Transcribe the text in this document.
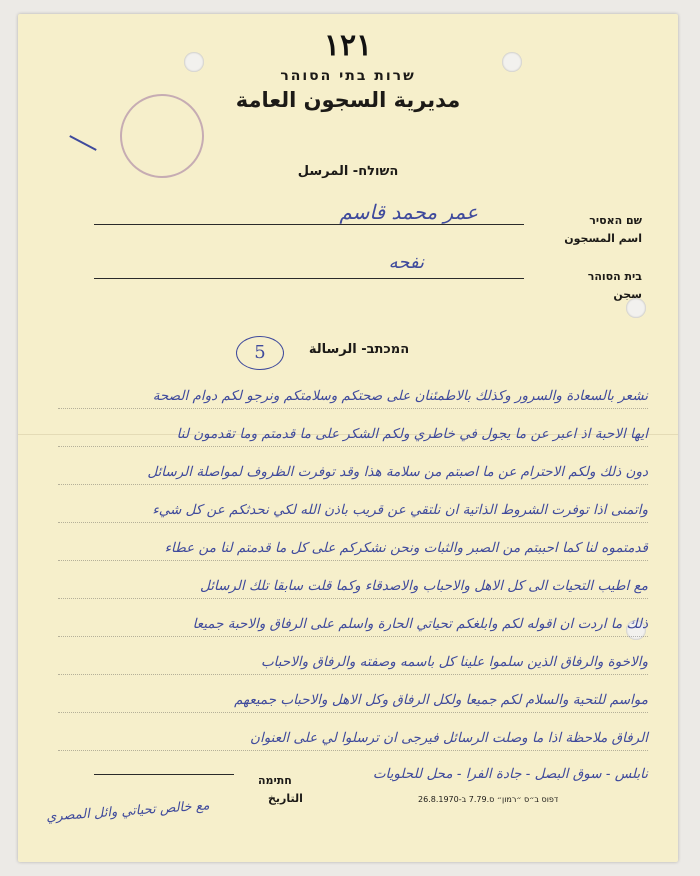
١٢١
שרות בתי הסוהר
مديرية السجون العامة
השולח- المرسل
שם האסיר
اسم المسجون
عمر محمد قاسم
בית הסוהר
سجن
نفحه
5	המכתב- الرسالة
نشعر بالسعادة والسرور وكذلك بالاطمئنان على صحتكم وسلامتكم ونرجو لكم دوام الصحة
ايها الاحبة اذ اعبر عن ما يجول في خاطري ولكم الشكر على ما قدمتم وما تقدمون لنا
دون ذلك ولكم الاحترام عن ما اصبتم من سلامة هذا وقد توفرت الظروف لمواصلة الرسائل
واتمنى اذا توفرت الشروط الذاتية ان نلتقي عن قريب باذن الله لكي نحدثكم عن كل شيء
قدمتموه لنا كما احببتم من الصبر والثبات ونحن نشكركم على كل ما قدمتم لنا من عطاء
مع اطيب التحيات الى كل الاهل والاحباب والاصدقاء وكما قلت سابقا تلك الرسائل
ذلك ما اردت ان اقوله لكم وابلغكم تحياتي الحارة واسلم على الرفاق والاحبة جميعا
والاخوة والرفاق الذين سلموا علينا كل باسمه وصفته والرفاق والاحباب
مواسم للتحية والسلام لكم جميعا ولكل الرفاق وكل الاهل والاحباب جميعهم
الرفاق ملاحظة اذا ما وصلت الرسائل فيرجى ان ترسلوا لي على العنوان
نابلس - سوق البصل - جادة الفرا - محل للحلويات
חתימה
التاريخ	דפוס ב״ס ״רמון״ ס.7.79 ב-26.8.1970
مع خالص تحياتي وائل المصري
